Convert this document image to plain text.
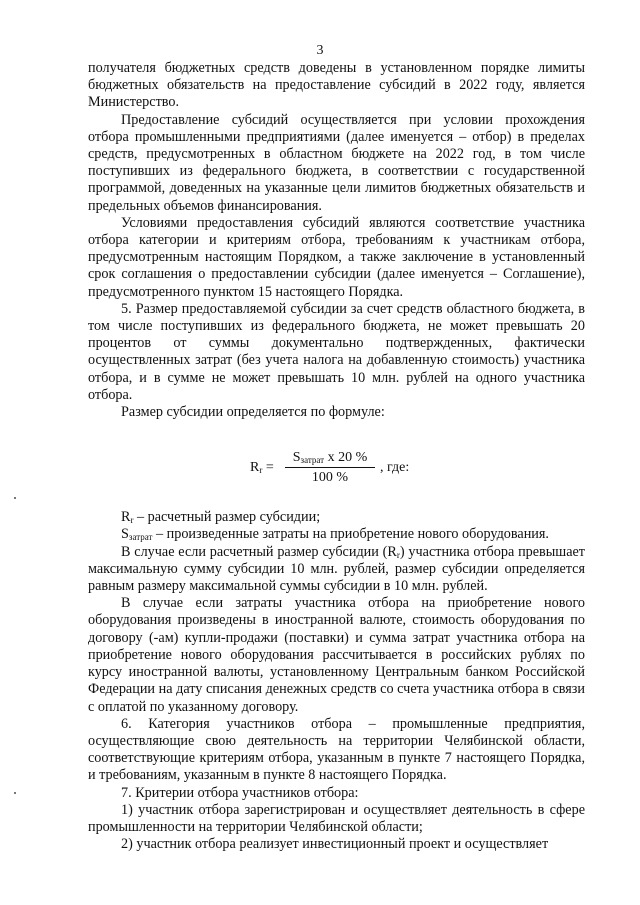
3

получателя бюджетных средств доведены в установленном порядке лимиты бюджетных обязательств на предоставление субсидий в 2022 году, является Министерство.

Предоставление субсидий осуществляется при условии прохождения отбора промышленными предприятиями (далее именуется – отбор) в пределах средств, предусмотренных в областном бюджете на 2022 год, в том числе поступивших из федерального бюджета, в соответствии с государственной программой, доведенных на указанные цели лимитов бюджетных обязательств и предельных объемов финансирования.

Условиями предоставления субсидий являются соответствие участника отбора категории и критериям отбора, требованиям к участникам отбора, предусмотренным настоящим Порядком, а также заключение в установленный срок соглашения о предоставлении субсидии (далее именуется – Соглашение), предусмотренного пунктом 15 настоящего Порядка.

5. Размер предоставляемой субсидии за счет средств областного бюджета, в том числе поступивших из федерального бюджета, не может превышать 20 процентов от суммы документально подтвержденных, фактически осуществленных затрат (без учета налога на добавленную стоимость) участника отбора, и в сумме не может превышать 10 млн. рублей на одного участника отбора.

Размер субсидии определяется по формуле:

$R_r$ =
$S_{затрат}$ x 20 %
100 %
, где:

$R_r$ – расчетный размер субсидии;

$S_{затрат}$ – произведенные затраты на приобретение нового оборудования.

В случае если расчетный размер субсидии $(R_r)$ участника отбора превышает максимальную сумму субсидии 10 млн. рублей, размер субсидии определяется равным размеру максимальной суммы субсидии в 10 млн. рублей.

В случае если затраты участника отбора на приобретение нового оборудования произведены в иностранной валюте, стоимость оборудования по договору (-ам) купли-продажи (поставки) и сумма затрат участника отбора на приобретение нового оборудования рассчитывается в российских рублях по курсу иностранной валюты, установленному Центральным банком Российской Федерации на дату списания денежных средств со счета участника отбора в связи с оплатой по указанному договору.

6. Категория участников отбора – промышленные предприятия, осуществляющие свою деятельность на территории Челябинской области, соответствующие критериям отбора, указанным в пункте 7 настоящего Порядка, и требованиям, указанным в пункте 8 настоящего Порядка.

7. Критерии отбора участников отбора:

1) участник отбора зарегистрирован и осуществляет деятельность в сфере промышленности на территории Челябинской области;

2) участник отбора реализует инвестиционный проект и осуществляет
